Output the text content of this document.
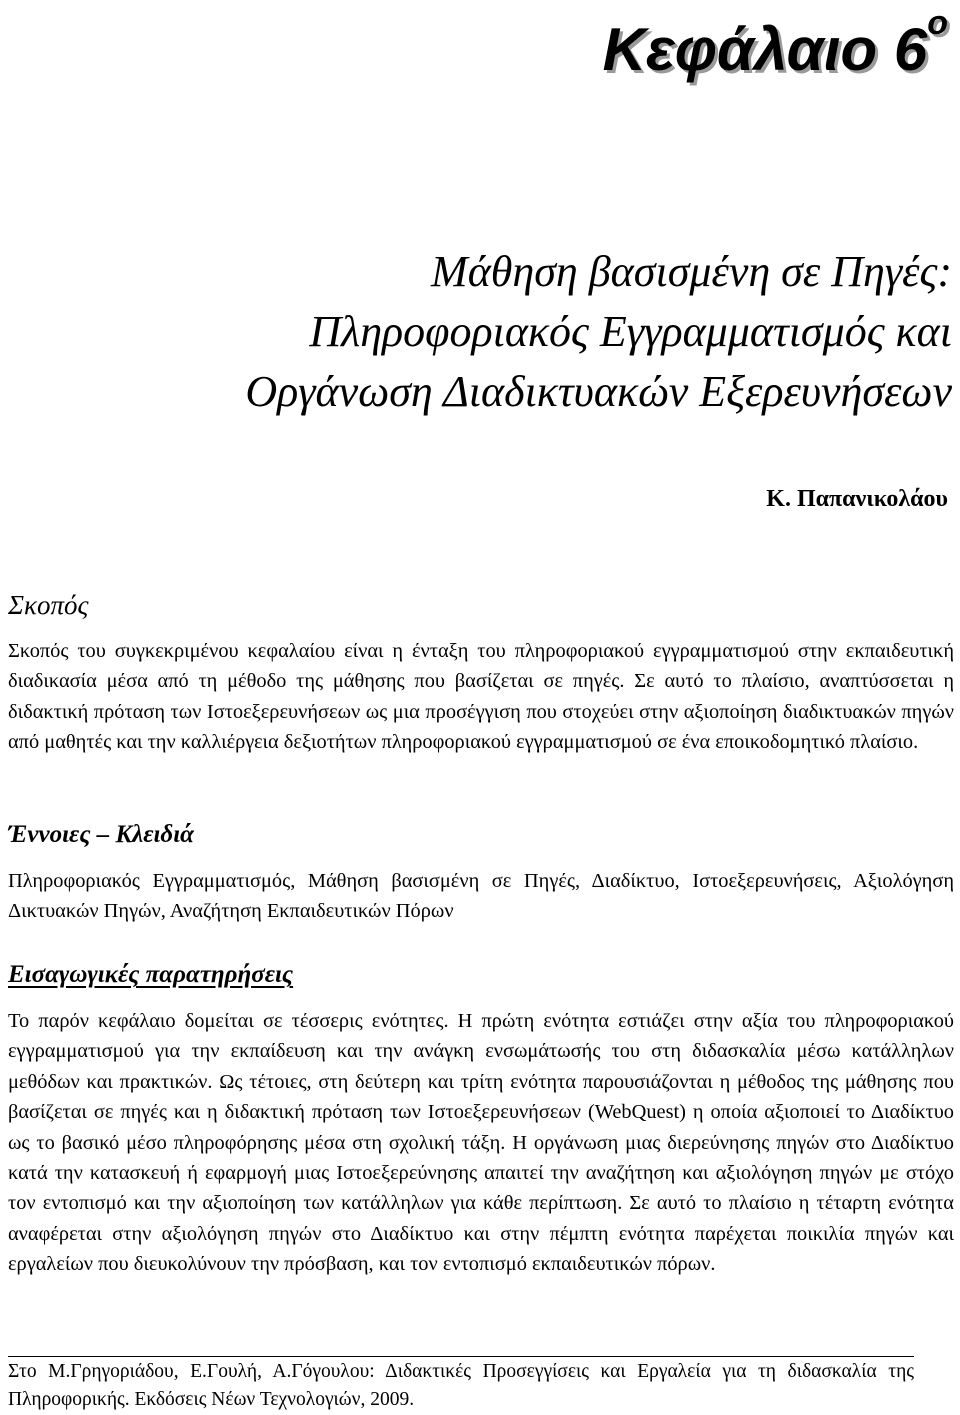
Κεφάλαιο $6^o$
Μάθηση βασισμένη σε Πηγές:
Πληροφοριακός Εγγραμματισμός και
Οργάνωση Διαδικτυακών Εξερευνήσεων
Κ. Παπανικολάου
Σκοπός
Σκοπός του συγκεκριμένου κεφαλαίου είναι η ένταξη του πληροφοριακού εγγραμματισμού στην εκπαιδευτική διαδικασία μέσα από τη μέθοδο της μάθησης που βασίζεται σε πηγές. Σε αυτό το πλαίσιο, αναπτύσσεται η διδακτική πρόταση των Ιστοεξερευνήσεων ως μια προσέγγιση που στοχεύει στην αξιοποίηση διαδικτυακών πηγών από μαθητές και την καλλιέργεια δεξιοτήτων πληροφοριακού εγγραμματισμού σε ένα εποικοδομητικό πλαίσιο.
Έννοιες – Κλειδιά
Πληροφοριακός Εγγραμματισμός, Μάθηση βασισμένη σε Πηγές, Διαδίκτυο, Ιστοεξερευνήσεις, Αξιολόγηση Δικτυακών Πηγών, Αναζήτηση Εκπαιδευτικών Πόρων
Εισαγωγικές παρατηρήσεις
Το παρόν κεφάλαιο δομείται σε τέσσερις ενότητες. Η πρώτη ενότητα εστιάζει στην αξία του πληροφοριακού εγγραμματισμού για την εκπαίδευση και την ανάγκη ενσωμάτωσής του στη διδασκαλία μέσω κατάλληλων μεθόδων και πρακτικών. Ως τέτοιες, στη δεύτερη και τρίτη ενότητα παρουσιάζονται η μέθοδος της μάθησης που βασίζεται σε πηγές και η διδακτική πρόταση των Ιστοεξερευνήσεων (WebQuest) η οποία αξιοποιεί το Διαδίκτυο ως το βασικό μέσο πληροφόρησης μέσα στη σχολική τάξη. Η οργάνωση μιας διερεύνησης πηγών στο Διαδίκτυο κατά την κατασκευή ή εφαρμογή μιας Ιστοεξερεύνησης απαιτεί την αναζήτηση και αξιολόγηση πηγών με στόχο τον εντοπισμό και την αξιοποίηση των κατάλληλων για κάθε περίπτωση. Σε αυτό το πλαίσιο η τέταρτη ενότητα αναφέρεται στην αξιολόγηση πηγών στο Διαδίκτυο και στην πέμπτη ενότητα παρέχεται ποικιλία πηγών και εργαλείων που διευκολύνουν την πρόσβαση, και τον εντοπισμό εκπαιδευτικών πόρων.
Στο Μ.Γρηγοριάδου, Ε.Γουλή, Α.Γόγουλου: Διδακτικές Προσεγγίσεις και Εργαλεία για τη διδασκαλία της Πληροφορικής. Εκδόσεις Νέων Τεχνολογιών, 2009.
